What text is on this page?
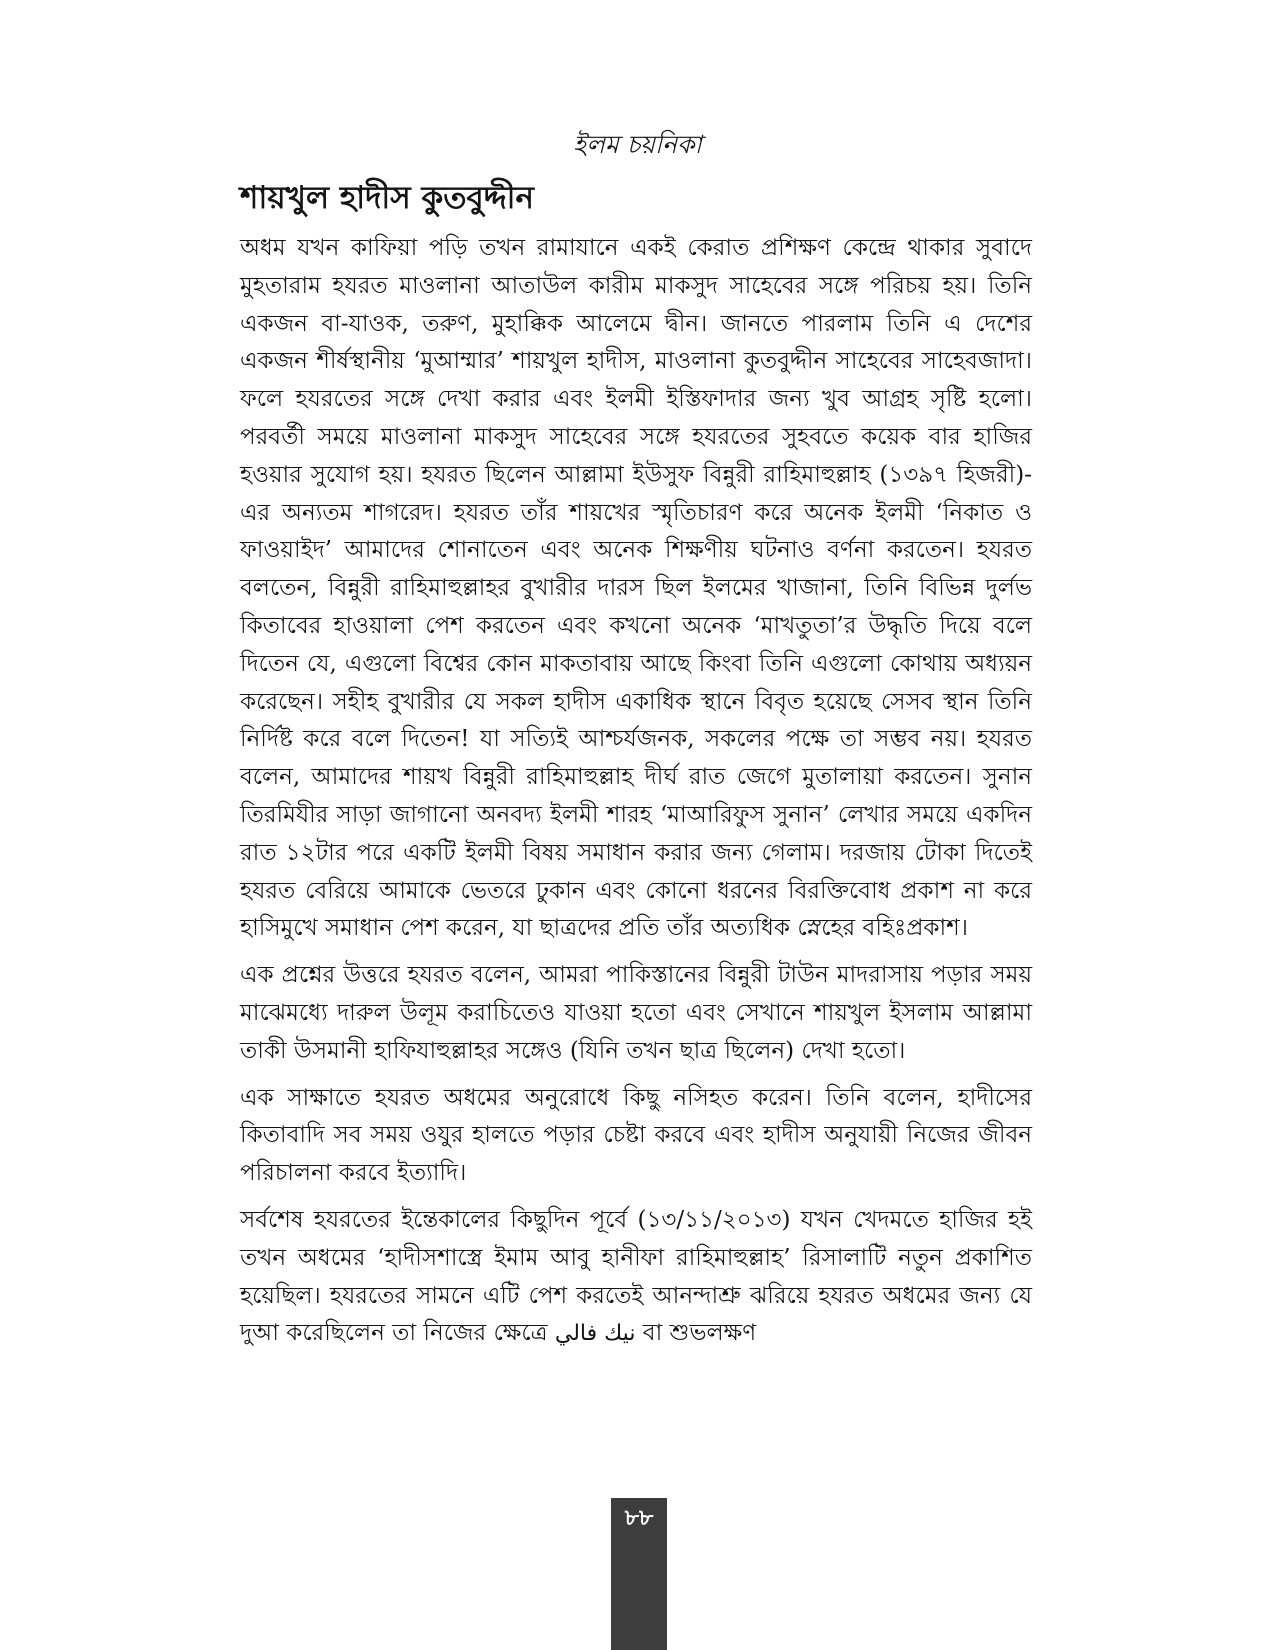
ইলম চয়নিকা
শায়খুল হাদীস কুতবুদ্দীন

অধম যখন কাফিয়া পড়ি তখন রামাযানে একই কেরাত প্রশিক্ষণ কেন্দ্রে থাকার সুবাদে মুহতারাম হযরত মাওলানা আতাউল কারীম মাকসুদ সাহেবের সঙ্গে পরিচয় হয়। তিনি একজন বা-যাওক, তরুণ, মুহাক্কিক আলেমে দ্বীন। জানতে পারলাম তিনি এ দেশের একজন শীর্ষস্থানীয় ‘মুআম্মার’ শায়খুল হাদীস, মাওলানা কুতবুদ্দীন সাহেবের সাহেবজাদা। ফলে হযরতের সঙ্গে দেখা করার এবং ইলমী ইস্তিফাদার জন্য খুব আগ্রহ সৃষ্টি হলো। পরবর্তী সময়ে মাওলানা মাকসুদ সাহেবের সঙ্গে হযরতের সুহবতে কয়েক বার হাজির হওয়ার সুযোগ হয়। হযরত ছিলেন আল্লামা ইউসুফ বিন্নুরী রাহিমাহুল্লাহ (১৩৯৭ হিজরী)-এর অন্যতম শাগরেদ। হযরত তাঁর শায়খের স্মৃতিচারণ করে অনেক ইলমী ‘নিকাত ও ফাওয়াইদ’ আমাদের শোনাতেন এবং অনেক শিক্ষণীয় ঘটনাও বর্ণনা করতেন। হযরত বলতেন, বিন্নুরী রাহিমাহুল্লাহর বুখারীর দারস ছিল ইলমের খাজানা, তিনি বিভিন্ন দুর্লভ কিতাবের হাওয়ালা পেশ করতেন এবং কখনো অনেক ‘মাখতুতা’র উদ্ধৃতি দিয়ে বলে দিতেন যে, এগুলো বিশ্বের কোন মাকতাবায় আছে কিংবা তিনি এগুলো কোথায় অধ্যয়ন করেছেন। সহীহ বুখারীর যে সকল হাদীস একাধিক স্থানে বিবৃত হয়েছে সেসব স্থান তিনি নির্দিষ্ট করে বলে দিতেন! যা সত্যিই আশ্চর্যজনক, সকলের পক্ষে তা সম্ভব নয়। হযরত বলেন, আমাদের শায়খ বিন্নুরী রাহিমাহুল্লাহ দীর্ঘ রাত জেগে মুতালায়া করতেন। সুনান তিরমিযীর সাড়া জাগানো অনবদ্য ইলমী শারহ ‘মাআরিফুস সুনান’ লেখার সময়ে একদিন রাত ১২টার পরে একটি ইলমী বিষয় সমাধান করার জন্য গেলাম। দরজায় টোকা দিতেই হযরত বেরিয়ে আমাকে ভেতরে ঢুকান এবং কোনো ধরনের বিরক্তিবোধ প্রকাশ না করে হাসিমুখে সমাধান পেশ করেন, যা ছাত্রদের প্রতি তাঁর অত্যধিক স্নেহের বহিঃপ্রকাশ।

এক প্রশ্নের উত্তরে হযরত বলেন, আমরা পাকিস্তানের বিন্নুরী টাউন মাদরাসায় পড়ার সময় মাঝেমধ্যে দারুল উলূম করাচিতেও যাওয়া হতো এবং সেখানে শায়খুল ইসলাম আল্লামা তাকী উসমানী হাফিযাহুল্লাহর সঙ্গেও (যিনি তখন ছাত্র ছিলেন) দেখা হতো।

এক সাক্ষাতে হযরত অধমের অনুরোধে কিছু নসিহত করেন। তিনি বলেন, হাদীসের কিতাবাদি সব সময় ওযুর হালতে পড়ার চেষ্টা করবে এবং হাদীস অনুযায়ী নিজের জীবন পরিচালনা করবে ইত্যাদি।

সর্বশেষ হযরতের ইন্তেকালের কিছুদিন পূর্বে (১৩/১১/২০১৩) যখন খেদমতে হাজির হই তখন অধমের ‘হাদীসশাস্ত্রে ইমাম আবু হানীফা রাহিমাহুল্লাহ’ রিসালাটি নতুন প্রকাশিত হয়েছিল। হযরতের সামনে এটি পেশ করতেই আনন্দাশ্রু ঝরিয়ে হযরত অধমের জন্য যে দুআ করেছিলেন তা নিজের ক্ষেত্রে نيك فالي বা শুভলক্ষণ

৮৮
